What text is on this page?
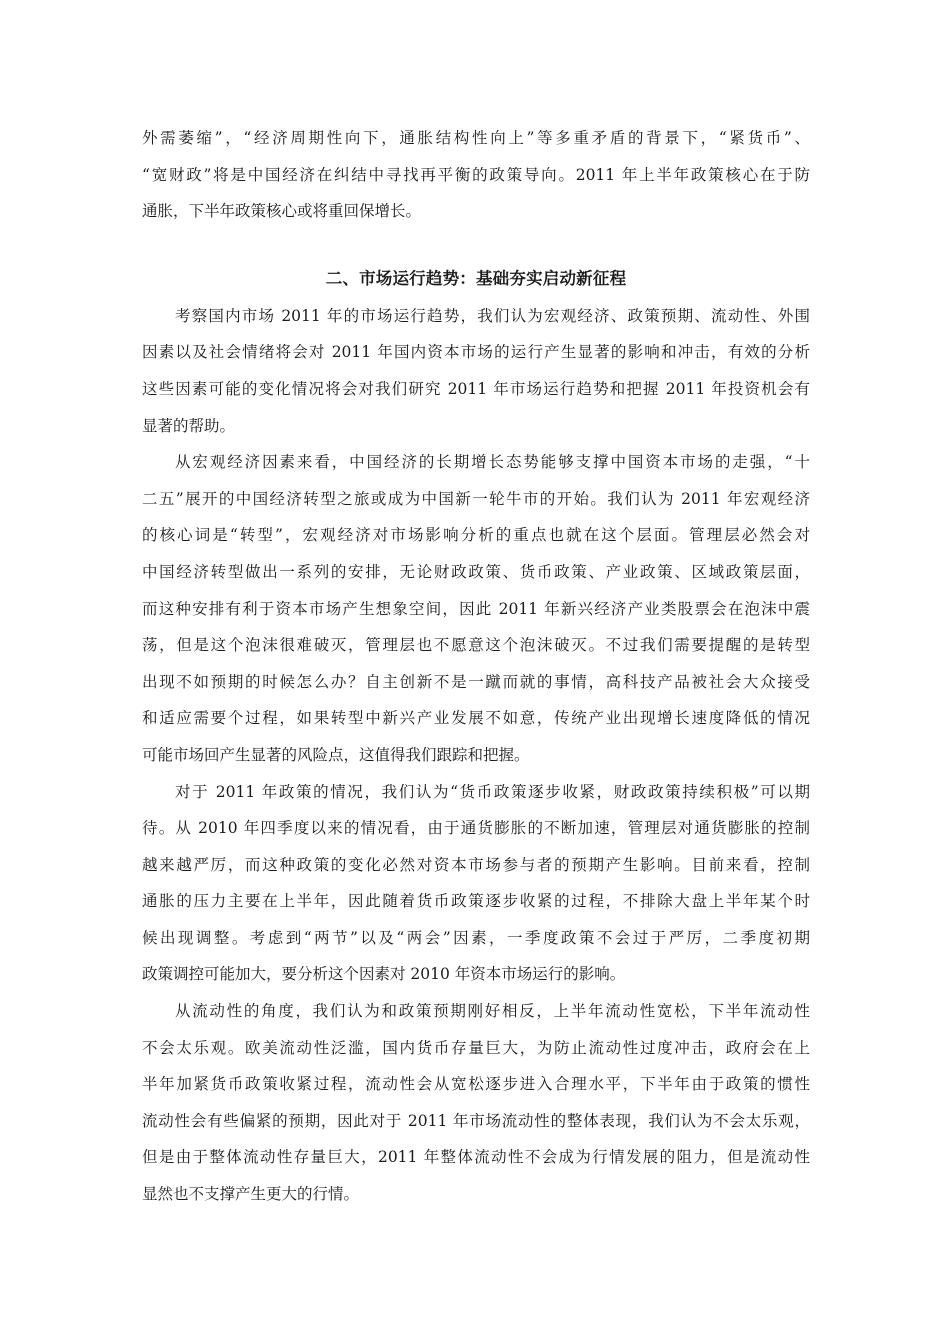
外需萎缩”，“经济周期性向下，通胀结构性向上”等多重矛盾的背景下，“紧货币”、
“宽财政”将是中国经济在纠结中寻找再平衡的政策导向。2011 年上半年政策核心在于防
通胀，下半年政策核心或将重回保增长。
二、市场运行趋势：基础夯实启动新征程
考察国内市场 2011 年的市场运行趋势，我们认为宏观经济、政策预期、流动性、外围
因素以及社会情绪将会对 2011 年国内资本市场的运行产生显著的影响和冲击，有效的分析
这些因素可能的变化情况将会对我们研究 2011 年市场运行趋势和把握 2011 年投资机会有
显著的帮助。
从宏观经济因素来看，中国经济的长期增长态势能够支撑中国资本市场的走强，“十
二五”展开的中国经济转型之旅或成为中国新一轮牛市的开始。我们认为 2011 年宏观经济
的核心词是“转型”，宏观经济对市场影响分析的重点也就在这个层面。管理层必然会对
中国经济转型做出一系列的安排，无论财政政策、货币政策、产业政策、区域政策层面，
而这种安排有利于资本市场产生想象空间，因此 2011 年新兴经济产业类股票会在泡沫中震
荡，但是这个泡沫很难破灭，管理层也不愿意这个泡沫破灭。不过我们需要提醒的是转型
出现不如预期的时候怎么办？自主创新不是一蹴而就的事情，高科技产品被社会大众接受
和适应需要个过程，如果转型中新兴产业发展不如意，传统产业出现增长速度降低的情况
可能市场回产生显著的风险点，这值得我们跟踪和把握。
对于 2011 年政策的情况，我们认为“货币政策逐步收紧，财政政策持续积极”可以期
待。从 2010 年四季度以来的情况看，由于通货膨胀的不断加速，管理层对通货膨胀的控制
越来越严厉，而这种政策的变化必然对资本市场参与者的预期产生影响。目前来看，控制
通胀的压力主要在上半年，因此随着货币政策逐步收紧的过程，不排除大盘上半年某个时
候出现调整。考虑到“两节”以及“两会”因素，一季度政策不会过于严厉，二季度初期
政策调控可能加大，要分析这个因素对 2010 年资本市场运行的影响。
从流动性的角度，我们认为和政策预期刚好相反，上半年流动性宽松，下半年流动性
不会太乐观。欧美流动性泛滥，国内货币存量巨大，为防止流动性过度冲击，政府会在上
半年加紧货币政策收紧过程，流动性会从宽松逐步进入合理水平，下半年由于政策的惯性
流动性会有些偏紧的预期，因此对于 2011 年市场流动性的整体表现，我们认为不会太乐观，
但是由于整体流动性存量巨大，2011 年整体流动性不会成为行情发展的阻力，但是流动性
显然也不支撑产生更大的行情。
